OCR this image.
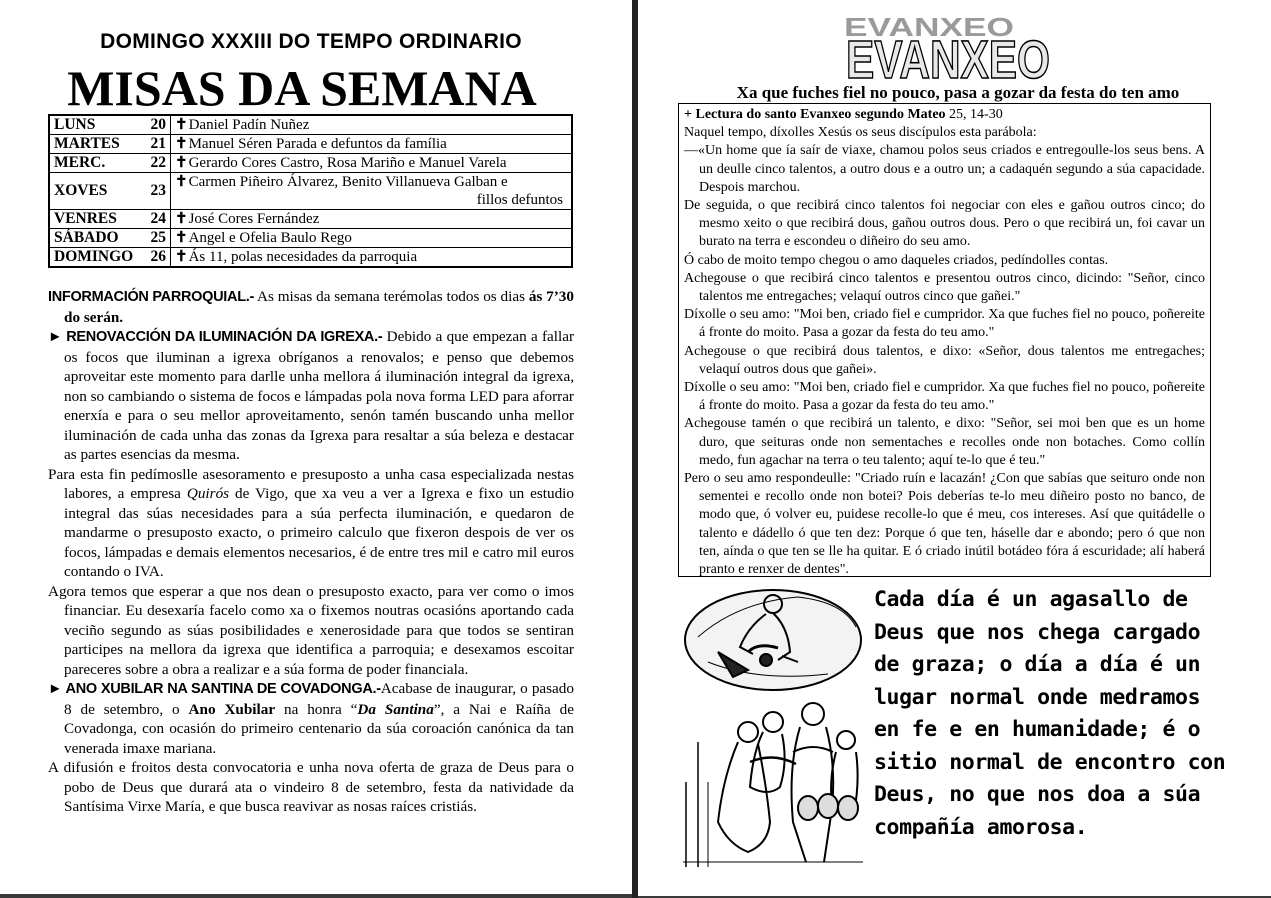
DOMINGO XXXIII DO TEMPO ORDINARIO
MISAS DA SEMANA
LUNS 20	✝Daniel Padín Nuñez
MARTES 21	✝Manuel Séren Parada e defuntos da família
MERC. 22	✝Gerardo Cores Castro, Rosa Mariño e Manuel Varela
XOVES 23	✝Carmen Piñeiro Álvarez, Benito Villanueva Galban e
fillos defuntos

VENRES 24	✝José Cores Fernández
SÁBADO 25	✝Angel e Ofelia Baulo Rego
DOMINGO 26	✝Ás 11, polas necesidades da parroquia

INFORMACIÓN PARROQUIAL.- As misas da semana terémolas todos os dias ás 7’30 do serán.

► RENOVACCIÓN DA ILUMINACIÓN DA IGREXA.- Debido a que empezan a fallar os focos que iluminan a igrexa obríganos a renovalos; e penso que debemos aproveitar este momento para darlle unha mellora á iluminación integral da igrexa, non so cambiando o sistema de focos e lámpadas pola nova forma LED para aforrar enerxía e para o seu mellor aproveitamento, senón tamén buscando unha mellor iluminación de cada unha das zonas da Igrexa para resaltar a súa beleza e destacar as partes esencias da mesma.

Para esta fin pedímoslle asesoramento e presuposto a unha casa especializada nestas labores, a empresa Quirós de Vigo, que xa veu a ver a Igrexa e fixo un estudio integral das súas necesidades para a súa perfecta iluminación, e quedaron de mandarme o presuposto exacto, o primeiro calculo que fixeron despois de ver os focos, lámpadas e demais elementos necesarios, é de entre tres mil e catro mil euros contando o IVA.

Agora temos que esperar a que nos dean o presuposto exacto, para ver como o imos financiar. Eu desexaría facelo como xa o fixemos noutras ocasións aportando cada veciño segundo as súas posibilidades e xenerosidade para que todos se sentiran participes na mellora da igrexa que identifica a parroquia; e desexamos escoitar pareceres sobre a obra a realizar e a súa forma de poder financiala.

► ANO XUBILAR NA SANTINA DE COVADONGA.-Acabase de inaugurar, o pasado 8 de setembro, o Ano Xubilar na honra “Da Santina”, a Nai e Raíña de Covadonga, con ocasión do primeiro centenario da súa coroación canónica da tan venerada imaxe mariana.

A difusión e froitos desta convocatoria e unha nova oferta de graza de Deus para o pobo de Deus que durará ata o vindeiro 8 de setembro, festa da natividade da Santísima Virxe María, e que busca reavivar as nosas raíces cristiás.

EVANXEO
EVANXEO
Xa que fuches fiel no pouco, pasa a gozar da festa do ten amo

+ Lectura do santo Evanxeo segundo Mateo 25, 14-30

Naquel tempo, díxolles Xesús os seus discípulos esta parábola:

—«Un home que ía saír de viaxe, chamou polos seus criados e entregoulle-los seus bens. A un deulle cinco talentos, a outro dous e a outro un; a cadaquén segundo a súa capacidade. Despois marchou.

De seguida, o que recibirá cinco talentos foi negociar con eles e gañou outros cinco; do mesmo xeito o que recibirá dous, gañou outros dous. Pero o que recibirá un, foi cavar un burato na terra e escondeu o diñeiro do seu amo.

Ó cabo de moito tempo chegou o amo daqueles criados, pedíndolles contas.

Achegouse o que recibirá cinco talentos e presentou outros cinco, dicindo: "Señor, cinco talentos me entregaches; velaquí outros cinco que gañei."

Díxolle o seu amo: "Moi ben, criado fiel e cumpridor. Xa que fuches fiel no pouco, poñereite á fronte do moito. Pasa a gozar da festa do teu amo."

Achegouse o que recibirá dous talentos, e dixo: «Señor, dous talentos me entregaches; velaquí outros dous que gañei».

Díxolle o seu amo: "Moi ben, criado fiel e cumpridor. Xa que fuches fiel no pouco, poñereite á fronte do moito. Pasa a gozar da festa do teu amo."

Achegouse tamén o que recibirá un talento, e dixo: "Señor, sei moi ben que es un home duro, que seituras onde non sementaches e recolles onde non botaches. Como collín medo, fun agachar na terra o teu talento; aquí te-lo que é teu."

Pero o seu amo respondeulle: "Criado ruín e lacazán! ¿Con que sabías que seituro onde non sementei e recollo onde non botei? Pois deberías te-lo meu diñeiro posto no banco, de modo que, ó volver eu, puidese recolle-lo que é meu, cos intereses. Así que quitádelle o talento e dádello ó que ten dez: Porque ó que ten, háselle dar e abondo; pero ó que non ten, aínda o que ten se lle ha quitar. E ó criado inútil botádeo fóra á escuridade; alí haberá pranto e renxer de dentes".

Cada día é un agasallo de Deus que nos chega cargado de graza; o día a día é un lugar normal onde medramos en fe e en humanidade; é o sitio normal de encontro con Deus, no que nos doa a súa compañía amorosa.
